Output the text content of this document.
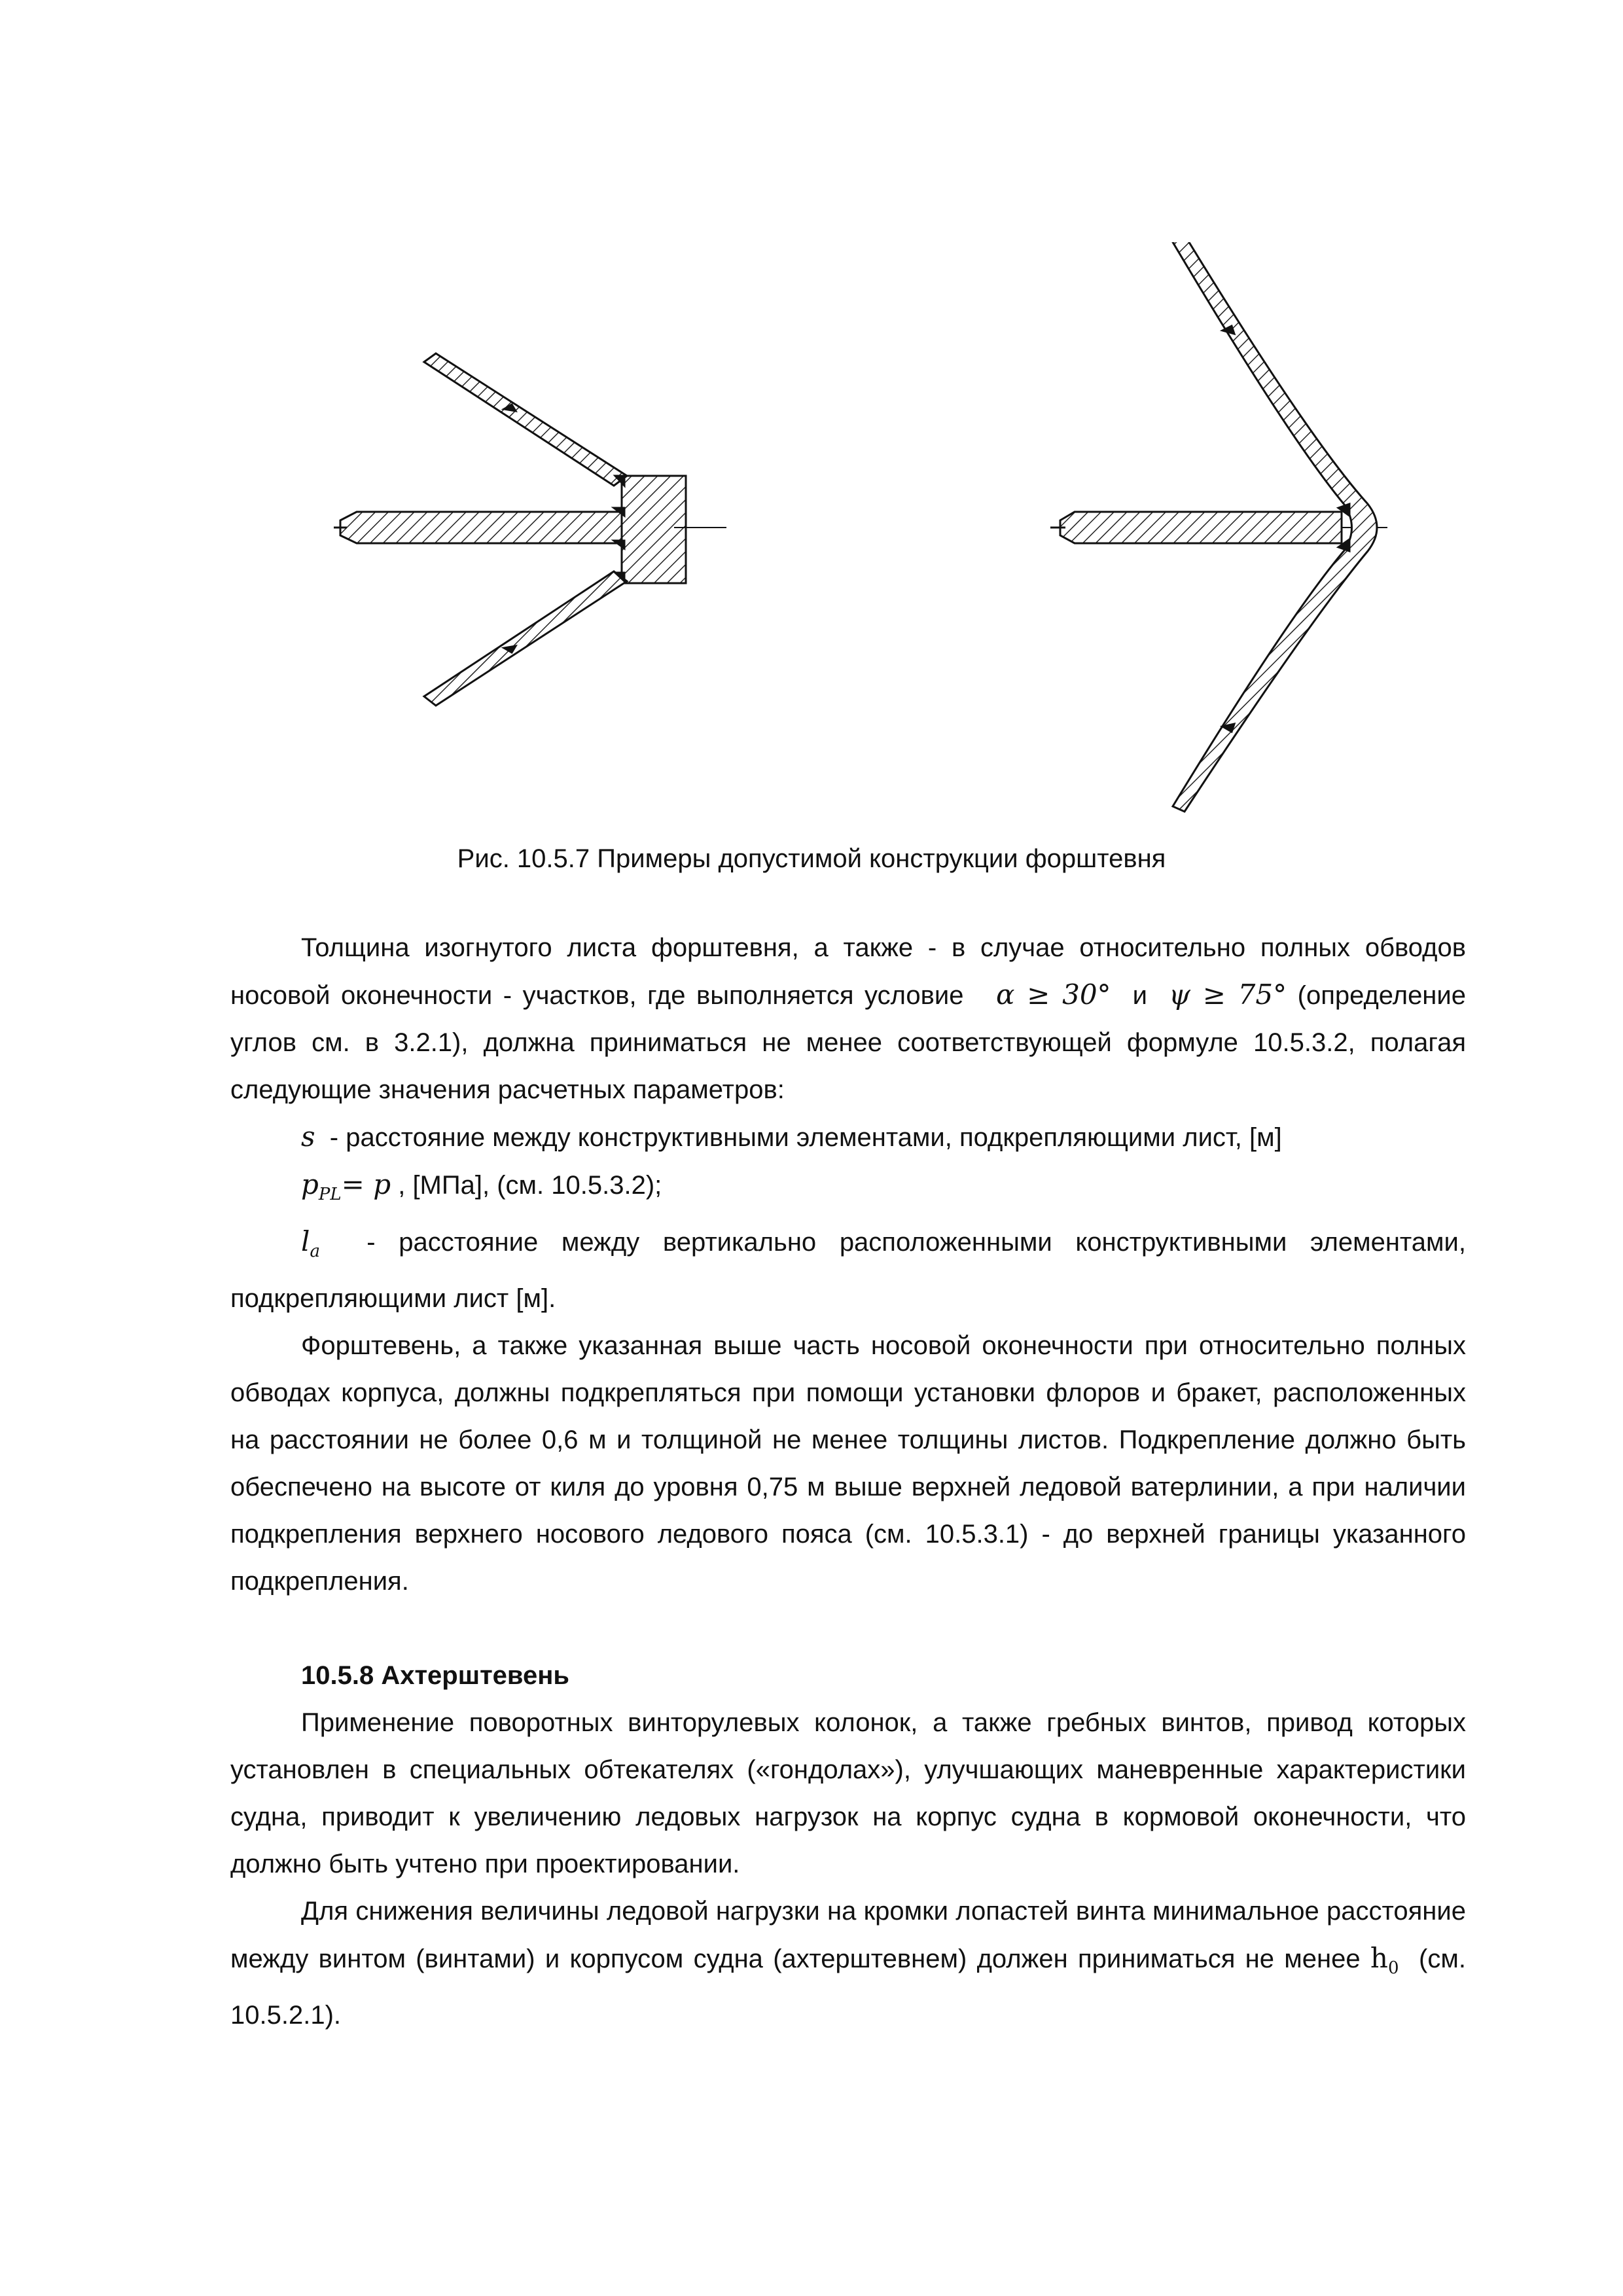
Рис. 10.5.7 Примеры допустимой конструкции форштевня

Толщина изогнутого листа форштевня, а также - в случае относительно полных обводов носовой оконечности - участков, где выполняется условие α ≥ 30° и ψ ≥ 75° (определение углов см. в 3.2.1), должна приниматься не менее соответствующей формуле 10.5.3.2, полагая следующие значения расчетных параметров:

s - расстояние между конструктивными элементами, подкрепляющими лист, [м]

$p_{PL}= p$ , [МПа], (см. 10.5.3.2);

$l_a$ - расстояние между вертикально расположенными конструктивными элементами, подкрепляющими лист [м].

Форштевень, а также указанная выше часть носовой оконечности при относительно полных обводах корпуса, должны подкрепляться при помощи установки флоров и бракет, расположенных на расстоянии не более 0,6 м и толщиной не менее толщины листов. Подкрепление должно быть обеспечено на высоте от киля до уровня 0,75 м выше верхней ледовой ватерлинии, а при наличии подкрепления верхнего носового ледового пояса (см. 10.5.3.1) - до верхней границы указанного подкрепления.

10.5.8 Ахтерштевень

Применение поворотных винторулевых колонок, а также гребных винтов, привод которых установлен в специальных обтекателях («гондолах»), улучшающих маневренные характеристики судна, приводит к увеличению ледовых нагрузок на корпус судна в кормовой оконечности, что должно быть учтено при проектировании.

Для снижения величины ледовой нагрузки на кромки лопастей винта минимальное расстояние между винтом (винтами) и корпусом судна (ахтерштевнем) должен приниматься не менее $h_0$ (см. 10.5.2.1).
